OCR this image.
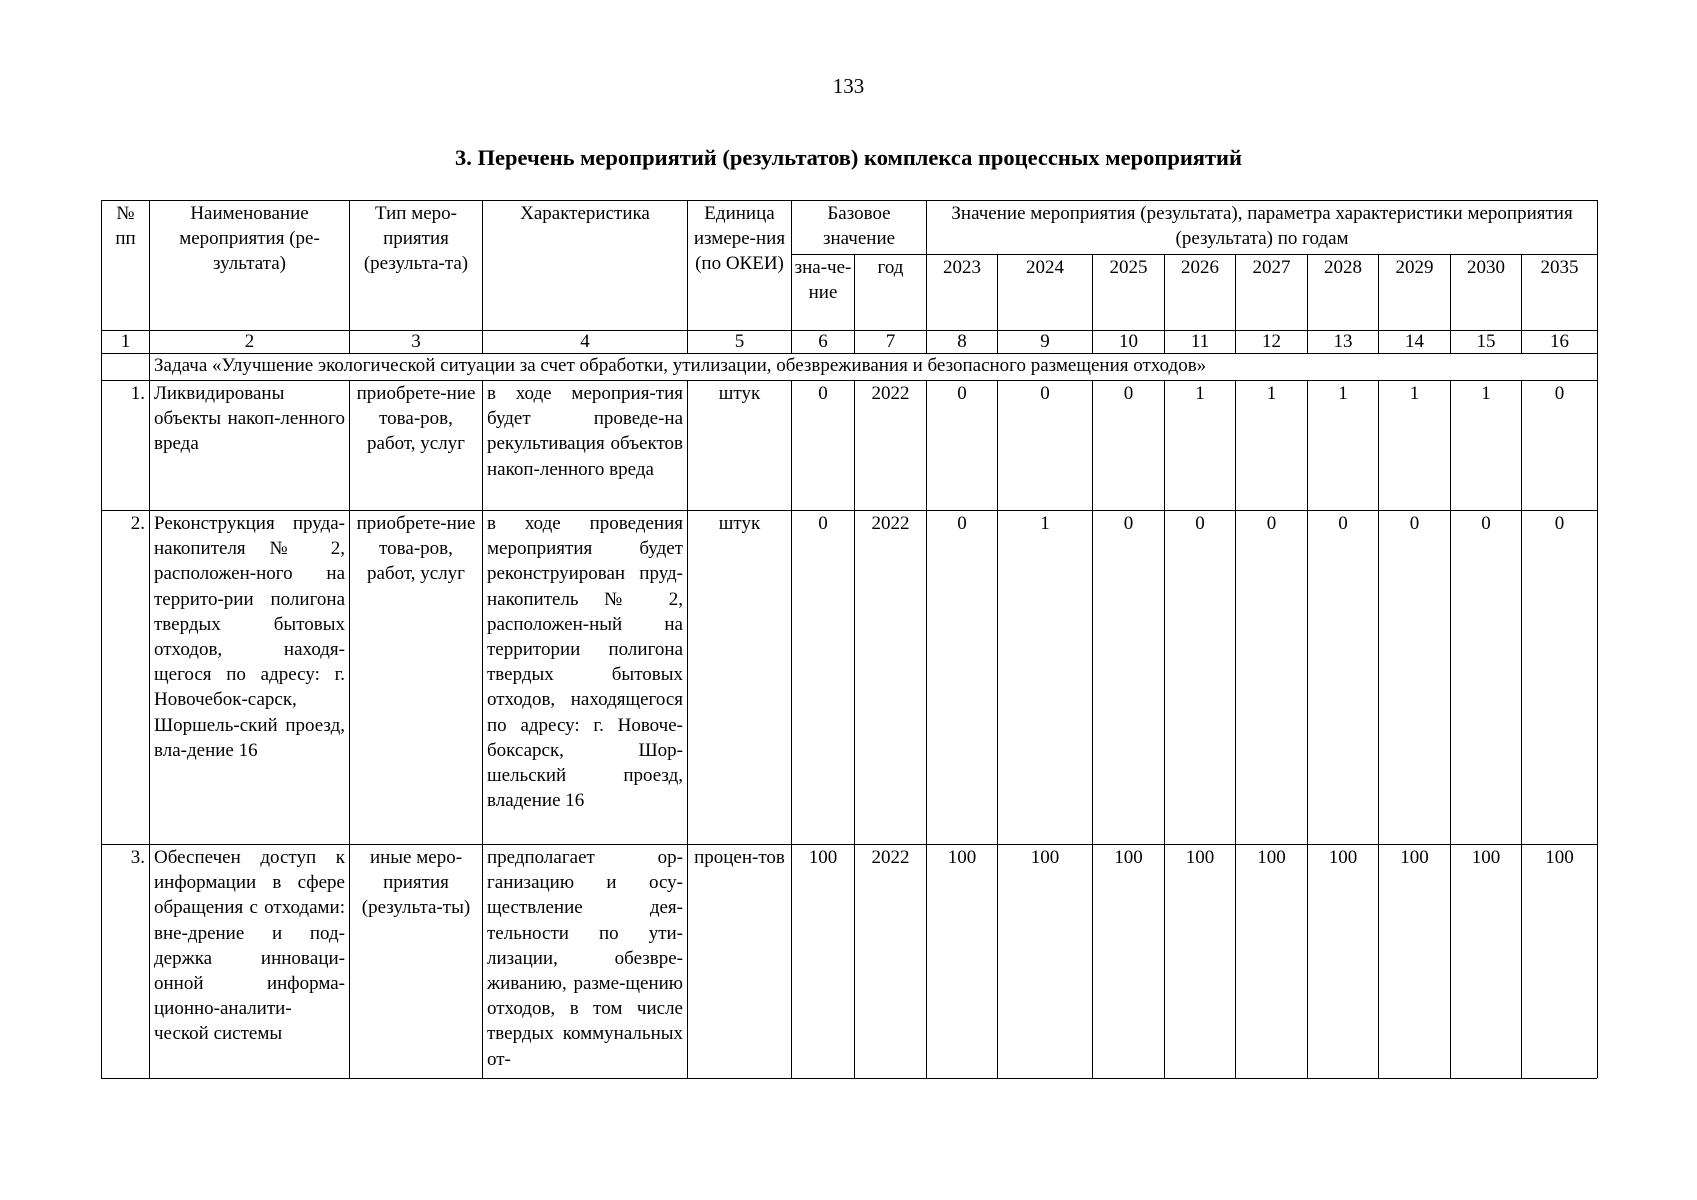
133
3. Перечень мероприятий (результатов) комплекса процессных мероприятий
№ пп	Наименование мероприятия (ре-зультата)	Тип меро-приятия (результа-та)	Характеристика	Единица измере-ния (по ОКЕИ)	Базовое значение		Значение мероприятия (результата), параметра характеристики мероприятия (результата) по годам								
					зна-че-ние	год	2023	2024	2025	2026	2027	2028	2029	2030	2035
1	2	3	4	5	6	7	8	9	10	11	12	13	14	15	16
	Задача «Улучшение экологической ситуации за счет обработки, утилизации, обезвреживания и безопасного размещения отходов»														
1.	Ликвидированы объекты накоп-ленного вреда	приобрете-ние това-ров, работ, услуг	в ходе мероприя-тия будет проведе-на рекультивация объектов накоп-ленного вреда	штук	0	2022	0	0	0	1	1	1	1	1	0
2.	Реконструкция пруда-накопителя № 2, расположен-ного на террито-рии полигона твердых бытовых отходов, находя-щегося по адресу: г. Новочебок-сарск, Шоршель-ский проезд, вла-дение 16	приобрете-ние това-ров, работ, услуг	в ходе проведения мероприятия будет реконструирован пруд-накопитель № 2, расположен-ный на территории полигона твердых бытовых отходов, находящегося по адресу: г. Новоче-боксарск, Шор-шельский проезд, владение 16	штук	0	2022	0	1	0	0	0	0	0	0	0
3.	Обеспечен доступ к информации в сфере обращения с отходами: вне-дрение и под-держка инновaци-онной информа-ционно-аналити-ческой системы	иные меро-приятия (результа-ты)	предполагает ор-ганизацию и осу-ществление дея-тельности по ути-лизации, обезвре-живанию, разме-щению отходов, в том числе твердых коммунальных от-	процен-тов	100	2022	100	100	100	100	100	100	100	100	100
